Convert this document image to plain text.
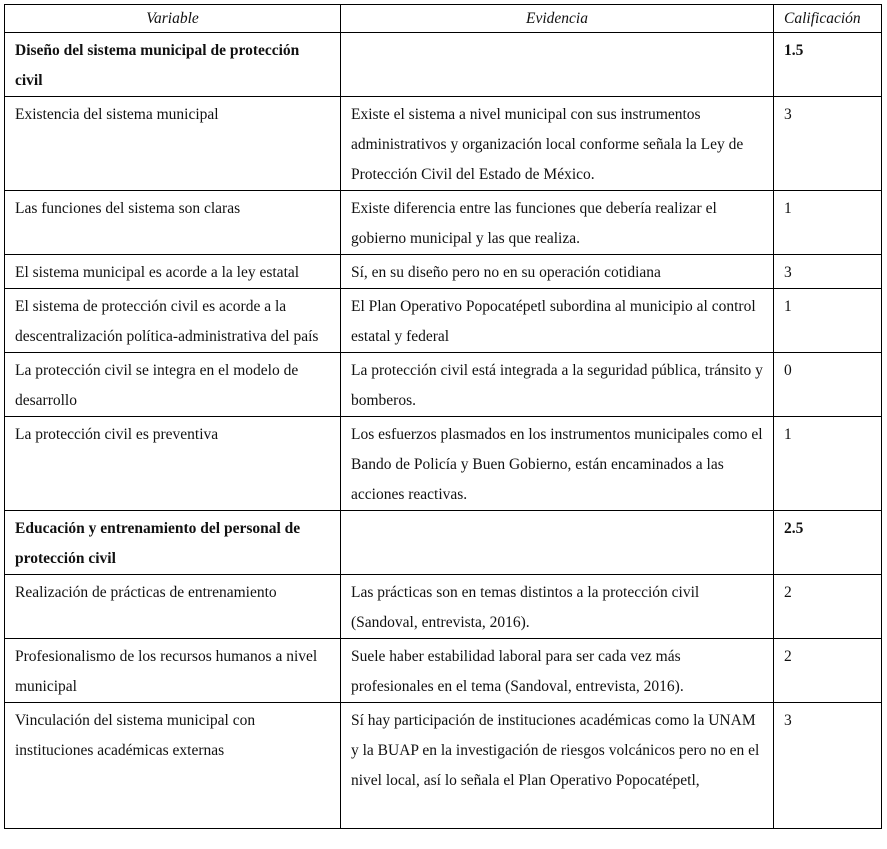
Variable	Evidencia	Calificación
Diseño del sistema municipal de protección civil		1.5
Existencia del sistema municipal	Existe el sistema a nivel municipal con sus instrumentos administrativos y organización local conforme señala la Ley de Protección Civil del Estado de México.	3
Las funciones del sistema son claras	Existe diferencia entre las funciones que debería realizar el gobierno municipal y las que realiza.	1
El sistema municipal es acorde a la ley estatal	Sí, en su diseño pero no en su operación cotidiana	3
El sistema de protección civil es acorde a la descentralización política-administrativa del país	El Plan Operativo Popocatépetl subordina al municipio al control estatal y federal	1
La protección civil se integra en el modelo de desarrollo	La protección civil está integrada a la seguridad pública, tránsito y bomberos.	0
La protección civil es preventiva	Los esfuerzos plasmados en los instrumentos municipales como el Bando de Policía y Buen Gobierno, están encaminados a las acciones reactivas.	1
Educación y entrenamiento del personal de protección civil		2.5
Realización de prácticas de entrenamiento	Las prácticas son en temas distintos a la protección civil (Sandoval, entrevista, 2016).	2
Profesionalismo de los recursos humanos a nivel municipal	Suele haber estabilidad laboral para ser cada vez más profesionales en el tema (Sandoval, entrevista, 2016).	2
Vinculación del sistema municipal con instituciones académicas externas	Sí hay participación de instituciones académicas como la UNAM y la BUAP en la investigación de riesgos volcánicos pero no en el nivel local, así lo señala el Plan Operativo Popocatépetl,	3
